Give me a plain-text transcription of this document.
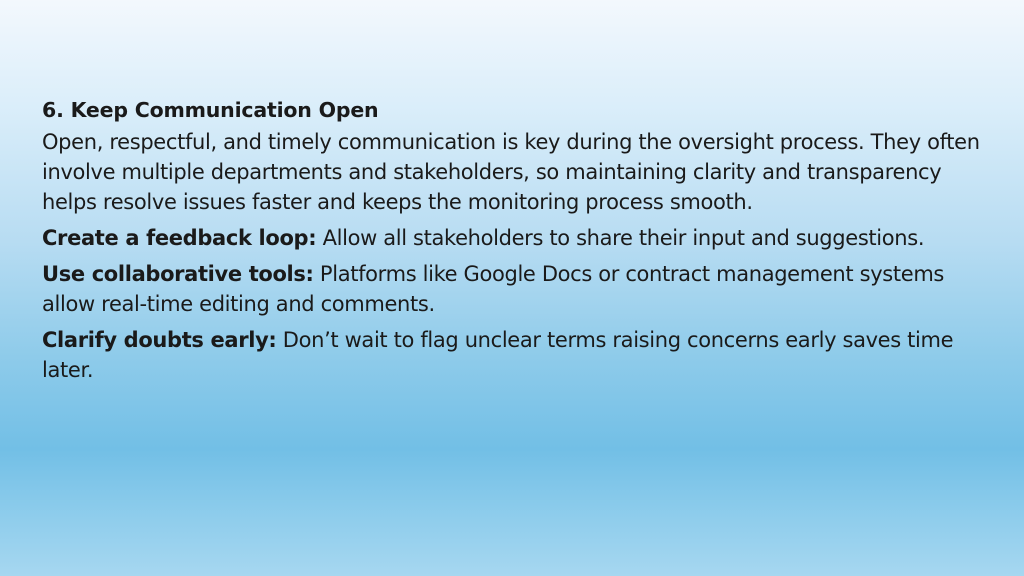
6. Keep Communication Open
Open, respectful, and timely communication is key during the oversight process. They often involve multiple departments and stakeholders, so maintaining clarity and transparency helps resolve issues faster and keeps the monitoring process smooth.
Create a feedback loop: Allow all stakeholders to share their input and suggestions.
Use collaborative tools: Platforms like Google Docs or contract management systems allow real-time editing and comments.
Clarify doubts early: Don’t wait to flag unclear terms raising concerns early saves time later.
